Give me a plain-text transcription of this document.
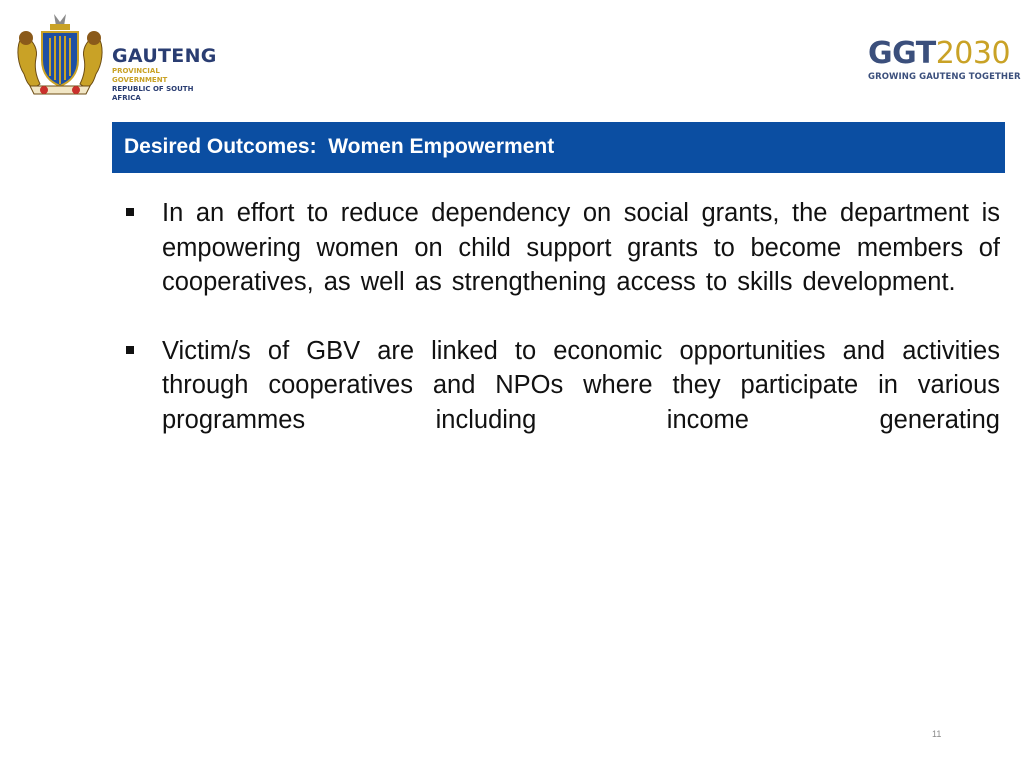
GAUTENG
PROVINCIAL GOVERNMENT
REPUBLIC OF SOUTH AFRICA
GGT2030
GROWING GAUTENG TOGETHER
Desired Outcomes:  Women Empowerment
In an effort to reduce dependency on social grants, the department is empowering women on child support grants to become members of cooperatives, as well as strengthening access to skills development.
Victim/s of GBV are linked to economic opportunities and activities through cooperatives and NPOs where they participate in various programmes including income generating
11
